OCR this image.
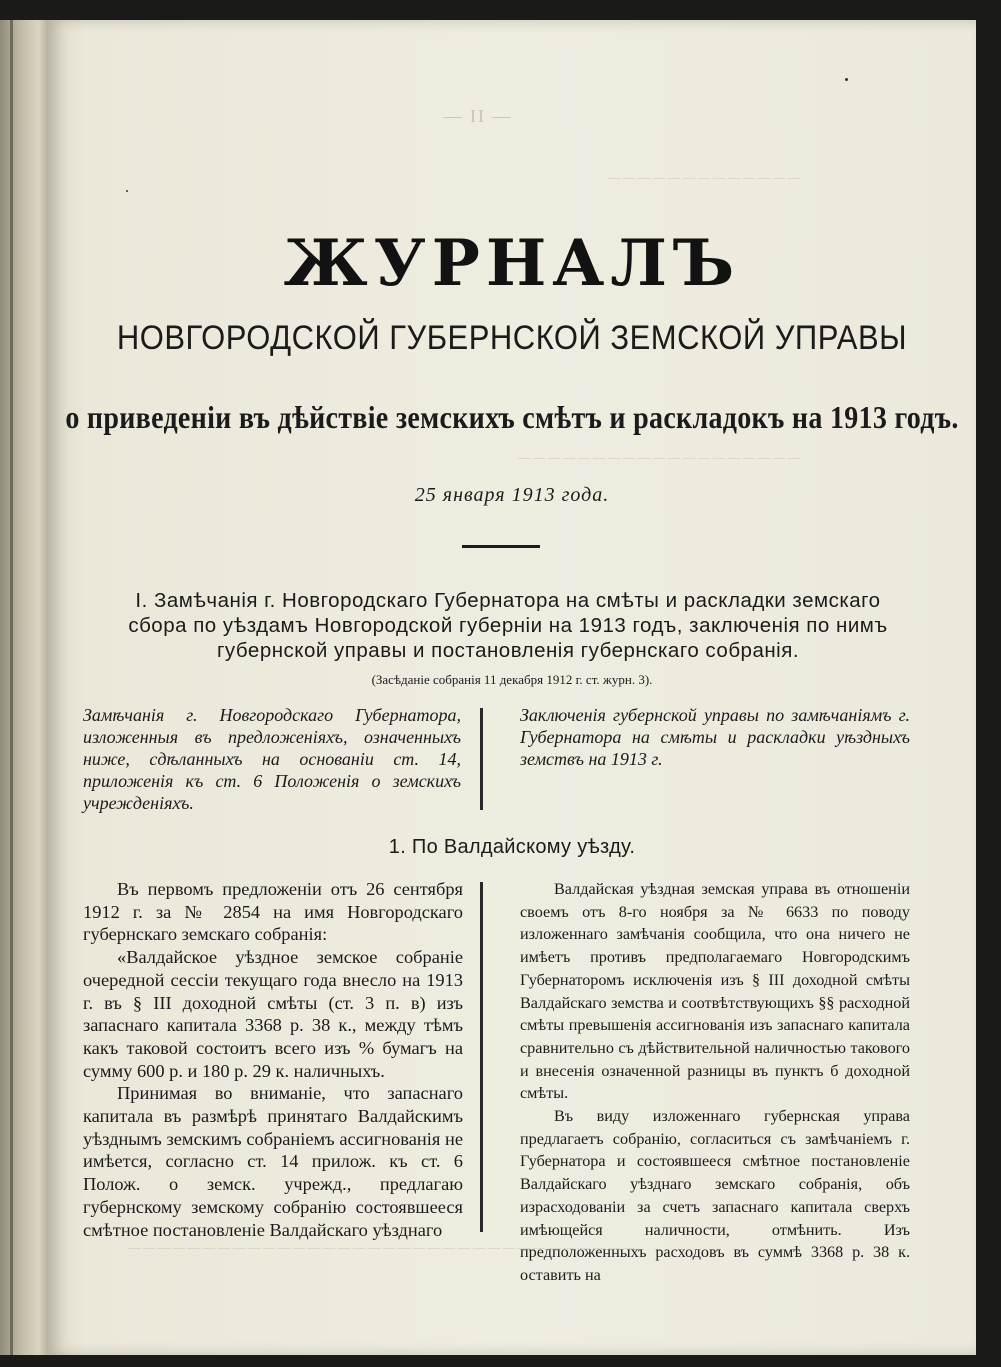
— — — — — — — — — — — — —
— — — — — — — — — — — — — — — — — — —
— — — — — — — — — — — — — — — — — — — — — — — — — — — — — — — — — —
— II —
ЖУРНАЛЪ
НОВГОРОДСКОЙ ГУБЕРНСКОЙ ЗЕМСКОЙ УПРАВЫ
о приведеніи въ дѣйствіе земскихъ смѣтъ и раскладокъ на 1913 годъ.
25 января 1913 года.
I. Замѣчанія г. Новгородскаго Губернатора на смѣты и раскладки земскаго
сбора по уѣздамъ Новгородской губерніи на 1913 годъ, заключенія по нимъ
губернской управы и постановленія губернскаго собранія.
(Засѣданіе собранія 11 декабря 1912 г. ст. журн. 3).
Замѣчанія г. Новгородскаго Губернатора, изложенныя въ предложеніяхъ, означенныхъ ниже, сдѣланныхъ на основаніи ст. 14, приложенія къ ст. 6 Положенія о земскихъ учрежденіяхъ.
Заключенія губернской управы по замѣчаніямъ г. Губернатора на смѣты и раскладки уѣздныхъ земствъ на 1913 г.
1. По Валдайскому уѣзду.

Въ первомъ предложеніи отъ 26 сентября 1912 г. за № 2854 на имя Новгородскаго губернскаго земскаго собранія:

«Валдайское уѣздное земское собраніе очередной сессіи текущаго года внесло на 1913 г. въ § III доходной смѣты (ст. 3 п. в) изъ запаснаго капитала 3368 р. 38 к., между тѣмъ какъ таковой состоитъ всего изъ % бумагъ на сумму 600 р. и 180 р. 29 к. наличныхъ.

Принимая во вниманіе, что запаснаго капитала въ размѣрѣ принятаго Валдайскимъ уѣзднымъ земскимъ собраніемъ ассигнованія не имѣется, согласно ст. 14 прилож. къ ст. 6 Полож. о земск. учрежд., предлагаю губернскому земскому собранію состоявшееся смѣтное постановленіе Валдайскаго уѣзднаго

Валдайская уѣздная земская управа въ отношеніи своемъ отъ 8-го ноября за № 6633 по поводу изложеннаго замѣчанія сообщила, что она ничего не имѣетъ противъ предполагаемаго Новгородскимъ Губернаторомъ исключенія изъ § III доходной смѣты Валдайскаго земства и соотвѣтствующихъ §§ расходной смѣты превышенія ассигнованія изъ запаснаго капитала сравнительно съ дѣйствительной наличностью такового и внесенія означенной разницы въ пунктъ б доходной смѣты.

Въ виду изложеннаго губернская управа предлагаетъ собранію, согласиться съ замѣчаніемъ г. Губернатора и состоявшееся смѣтное постановленіе Валдайскаго уѣзднаго земскаго собранія, объ израсходованіи за счетъ запаснаго капитала сверхъ имѣющейся наличности, отмѣнить. Изъ предположенныхъ расходовъ въ суммѣ 3368 р. 38 к. оставить на
